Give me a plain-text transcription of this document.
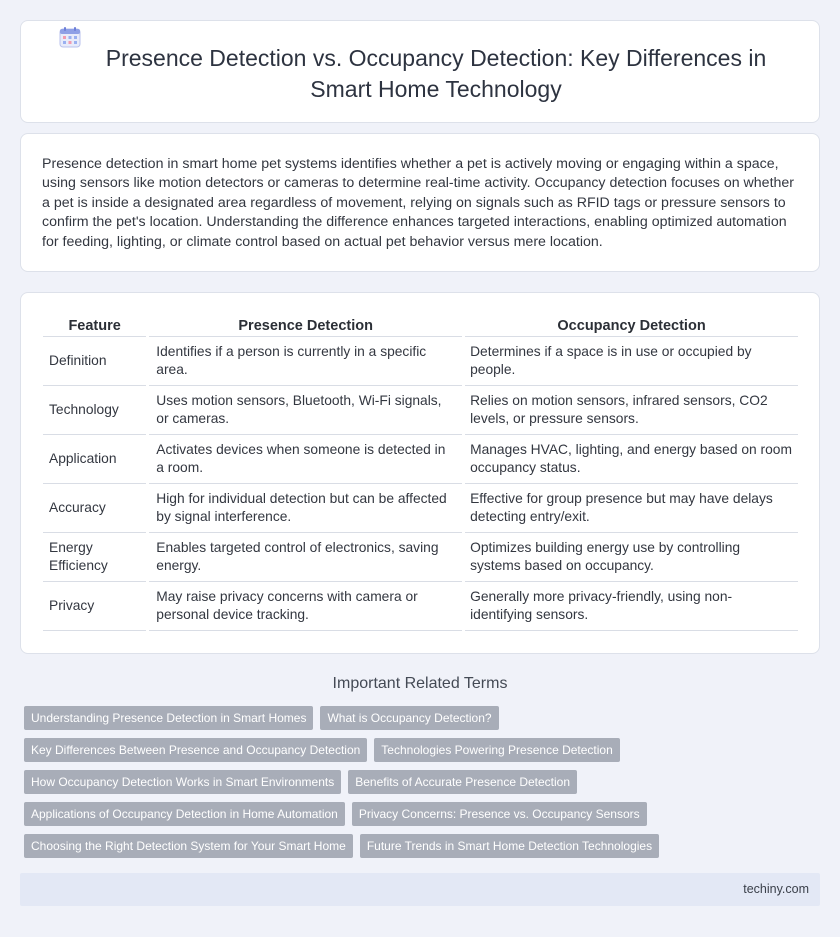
Presence Detection vs. Occupancy Detection: Key Differences in Smart Home Technology

Presence detection in smart home pet systems identifies whether a pet is actively moving or engaging within a space, using sensors like motion detectors or cameras to determine real-time activity. Occupancy detection focuses on whether a pet is inside a designated area regardless of movement, relying on signals such as RFID tags or pressure sensors to confirm the pet's location. Understanding the difference enhances targeted interactions, enabling optimized automation for feeding, lighting, or climate control based on actual pet behavior versus mere location.

Feature		Presence Detection		Occupancy Detection
Definition		Identifies if a person is currently in a specific area.		Determines if a space is in use or occupied by people.
Technology		Uses motion sensors, Bluetooth, Wi-Fi signals, or cameras.		Relies on motion sensors, infrared sensors, CO2 levels, or pressure sensors.
Application		Activates devices when someone is detected in a room.		Manages HVAC, lighting, and energy based on room occupancy status.
Accuracy		High for individual detection but can be affected by signal interference.		Effective for group presence but may have delays detecting entry/exit.
Energy Efficiency		Enables targeted control of electronics, saving energy.		Optimizes building energy use by controlling systems based on occupancy.
Privacy		May raise privacy concerns with camera or personal device tracking.		Generally more privacy-friendly, using non-identifying sensors.
Important Related Terms
Understanding Presence Detection in Smart Homes	What is Occupancy Detection?
Key Differences Between Presence and Occupancy Detection	Technologies Powering Presence Detection
How Occupancy Detection Works in Smart Environments	Benefits of Accurate Presence Detection
Applications of Occupancy Detection in Home Automation	Privacy Concerns: Presence vs. Occupancy Sensors
Choosing the Right Detection System for Your Smart Home	Future Trends in Smart Home Detection Technologies
techiny.com
